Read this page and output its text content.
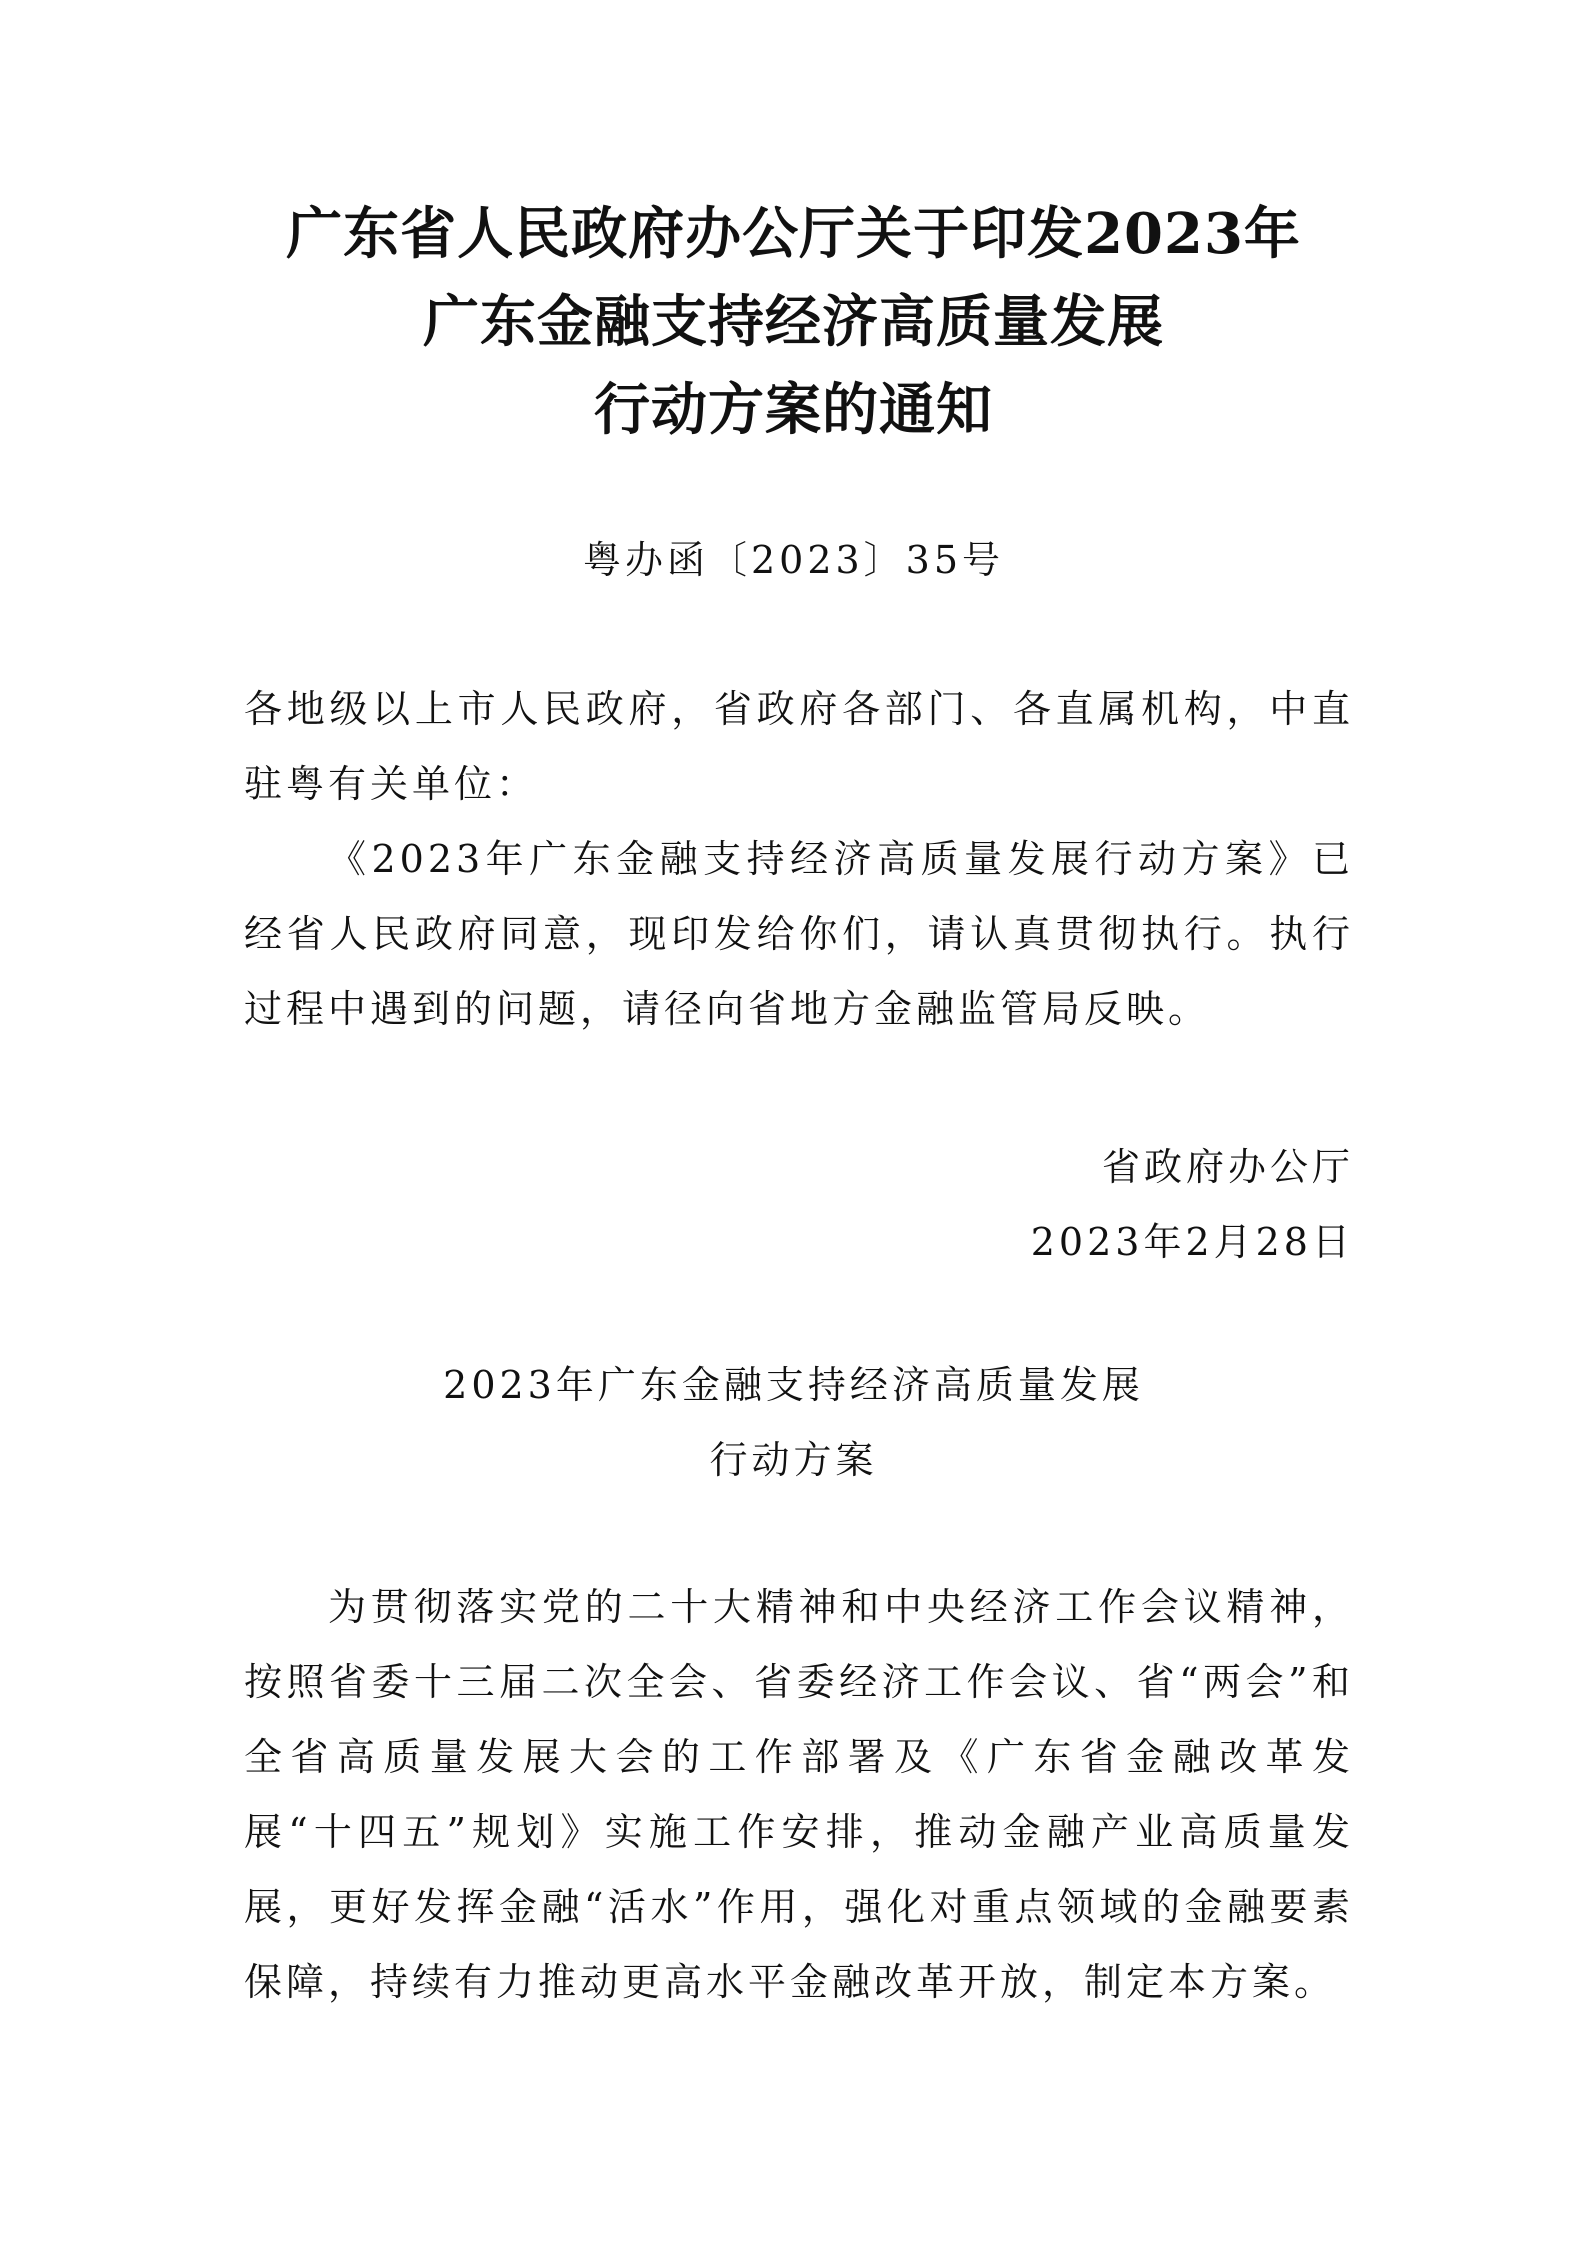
广东省人民政府办公厅关于印发2023年
广东金融支持经济高质量发展
行动方案的通知
粤办函〔2023〕35号

各地级以上市人民政府，省政府各部门、各直属机构，中直驻粤有关单位：

《2023年广东金融支持经济高质量发展行动方案》已经省人民政府同意，现印发给你们，请认真贯彻执行。执行过程中遇到的问题，请径向省地方金融监管局反映。

省政府办公厅
2023年2月28日
2023年广东金融支持经济高质量发展
行动方案

为贯彻落实党的二十大精神和中央经济工作会议精神，按照省委十三届二次全会、省委经济工作会议、省“两会”和全省高质量发展大会的工作部署及《广东省金融改革发展“十四五”规划》实施工作安排，推动金融产业高质量发展，更好发挥金融“活水”作用，强化对重点领域的金融要素保障，持续有力推动更高水平金融改革开放，制定本方案。
